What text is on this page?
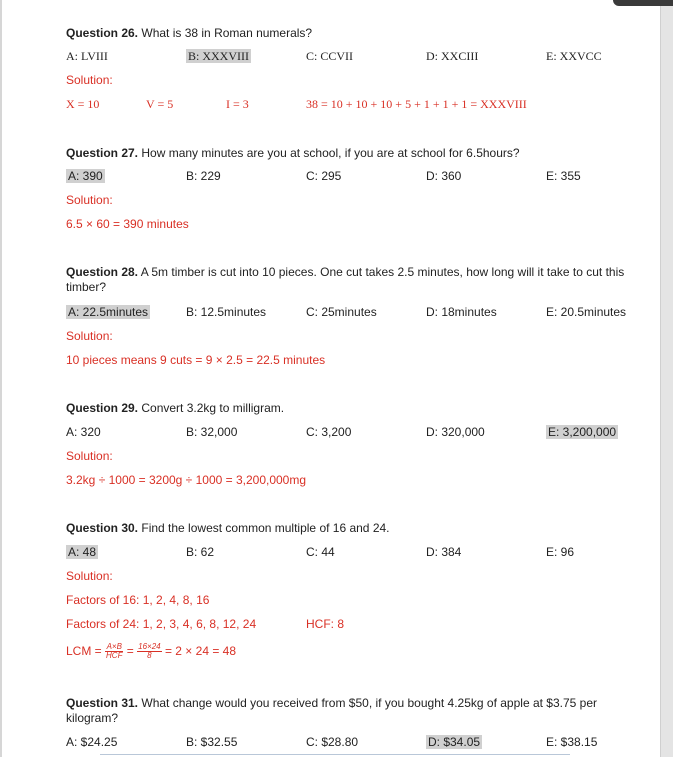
Question 26. What is 38 in Roman numerals?
A: LVIII	B: XXXVIII	C: CCVII	D: XXCIII	E: XXVCC
Solution:
X = 10	V = 5	I = 3	38 = 10 + 10 + 10 + 5 + 1 + 1 + 1 = XXXVIII
Question 27. How many minutes are you at school, if you are at school for 6.5hours?
A: 390	B: 229	C: 295	D: 360	E: 355
Solution:
6.5 × 60 = 390 minutes
Question 28. A 5m timber is cut into 10 pieces. One cut takes 2.5 minutes, how long will it take to cut this timber?
A: 22.5minutes	B: 12.5minutes	C: 25minutes	D: 18minutes	E: 20.5minutes
Solution:
10 pieces means 9 cuts = 9 × 2.5 = 22.5 minutes
Question 29. Convert 3.2kg to milligram.
A: 320	B: 32,000	C: 3,200	D: 320,000	E: 3,200,000
Solution:
3.2kg ÷ 1000 = 3200g ÷ 1000 = 3,200,000mg
Question 30. Find the lowest common multiple of 16 and 24.
A: 48	B: 62	C: 44	D: 384	E: 96
Solution:
Factors of 16: 1, 2, 4, 8, 16
Factors of 24: 1, 2, 3, 4, 6, 8, 12, 24	HCF: 8
LCM = $\frac{A\times B}{\text{HCF}} = \frac{16\times 24}{8} = 2 \times 24 = 48$
Question 31. What change would you received from $50, if you bought 4.25kg of apple at $3.75 per kilogram?
A: $24.25	B: $32.55	C: $28.80	D: $34.05	E: $38.15
